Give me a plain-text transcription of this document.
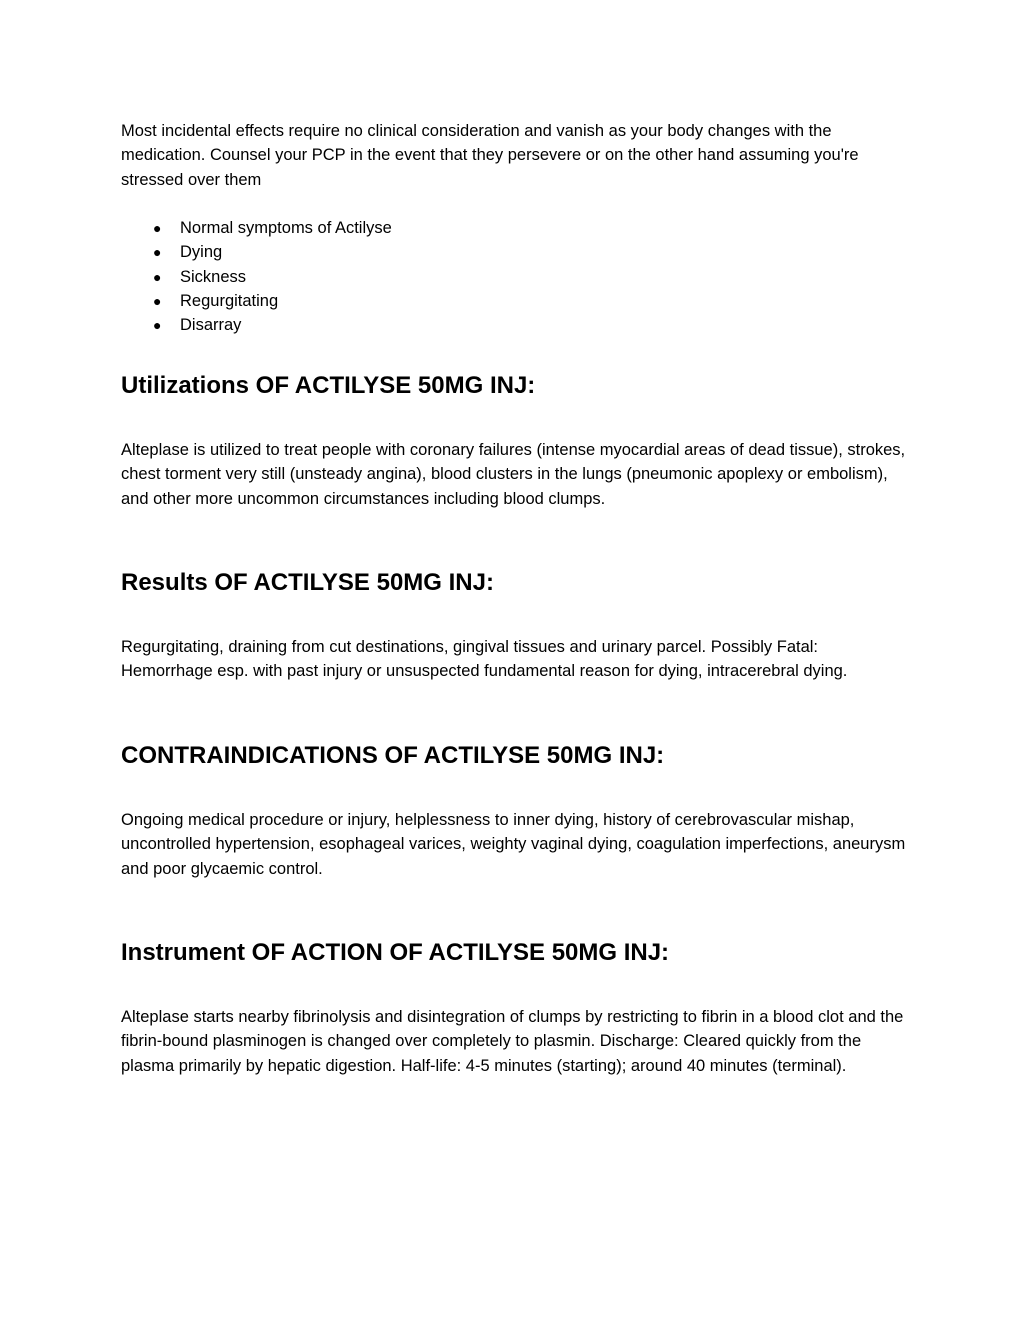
Most incidental effects require no clinical consideration and vanish as your body changes with the medication. Counsel your PCP in the event that they persevere or on the other hand assuming you're stressed over them

● Normal symptoms of Actilyse
● Dying
● Sickness
● Regurgitating
● Disarray
Utilizations OF ACTILYSE 50MG INJ:

Alteplase is utilized to treat people with coronary failures (intense myocardial areas of dead tissue), strokes, chest torment very still (unsteady angina), blood clusters in the lungs (pneumonic apoplexy or embolism), and other more uncommon circumstances including blood clumps.

Results OF ACTILYSE 50MG INJ:

Regurgitating, draining from cut destinations, gingival tissues and urinary parcel. Possibly Fatal: Hemorrhage esp. with past injury or unsuspected fundamental reason for dying, intracerebral dying.

CONTRAINDICATIONS OF ACTILYSE 50MG INJ:

Ongoing medical procedure or injury, helplessness to inner dying, history of cerebrovascular mishap, uncontrolled hypertension, esophageal varices, weighty vaginal dying, coagulation imperfections, aneurysm and poor glycaemic control.

Instrument OF ACTION OF ACTILYSE 50MG INJ:

Alteplase starts nearby fibrinolysis and disintegration of clumps by restricting to fibrin in a blood clot and the fibrin-bound plasminogen is changed over completely to plasmin. Discharge: Cleared quickly from the plasma primarily by hepatic digestion. Half-life: 4-5 minutes (starting); around 40 minutes (terminal).
